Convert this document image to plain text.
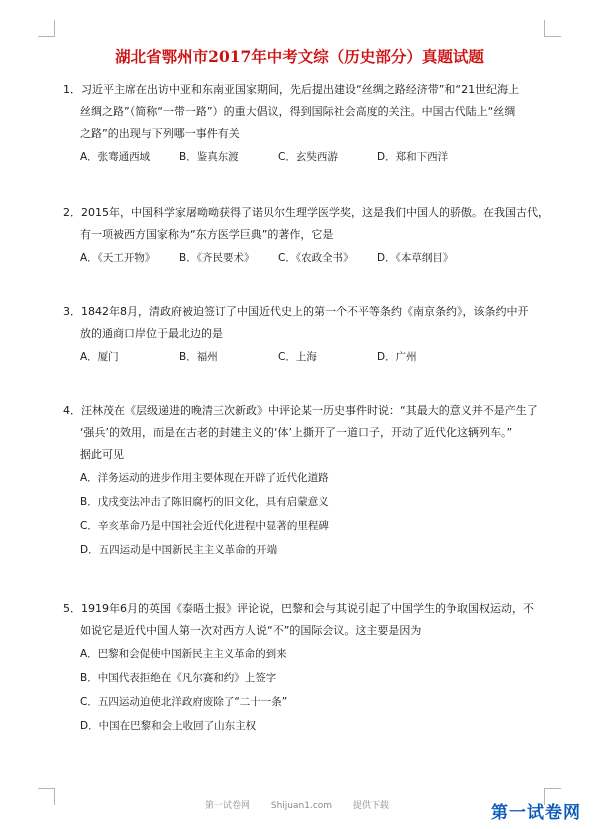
湖北省鄂州市2017年中考文综（历史部分）真题试题
1．习近平主席在出访中亚和东南亚国家期间，先后提出建设“丝绸之路经济带”和“21世纪海上
丝绸之路”（简称“一带一路”）的重大倡议，得到国际社会高度的关注。中国古代陆上“丝绸
之路”的出现与下列哪一事件有关
A．张骞通西域	B．鉴真东渡	C．玄奘西游	D．郑和下西洋
2．2015年，中国科学家屠呦呦获得了诺贝尔生理学医学奖，这是我们中国人的骄傲。在我国古代，
有一项被西方国家称为“东方医学巨典”的著作，它是
A．《天工开物》	B．《齐民要术》	C．《农政全书》	D．《本草纲目》
3．1842年8月，清政府被迫签订了中国近代史上的第一个不平等条约《南京条约》，该条约中开
放的通商口岸位于最北边的是
A．厦门	B．福州	C．上海	D．广州
4．汪林茂在《层级递进的晚清三次新政》中评论某一历史事件时说：“其最大的意义并不是产生了
‘强兵’的效用，而是在古老的封建主义的‘体’上撕开了一道口子，开动了近代化这辆列车。”
据此可见
A．洋务运动的进步作用主要体现在开辟了近代化道路
B．戊戌变法冲击了陈旧腐朽的旧文化，具有启蒙意义
C．辛亥革命乃是中国社会近代化进程中显著的里程碑
D．五四运动是中国新民主主义革命的开端
5．1919年6月的英国《泰晤士报》评论说，巴黎和会与其说引起了中国学生的争取国权运动，不
如说它是近代中国人第一次对西方人说“不”的国际会议。这主要是因为
A．巴黎和会促使中国新民主主义革命的到来
B．中国代表拒绝在《凡尔赛和约》上签字
C．五四运动迫使北洋政府废除了“二十一条”
D．中国在巴黎和会上收回了山东主权
第一试卷网 Shijuan1.com 提供下载	第一试卷网
